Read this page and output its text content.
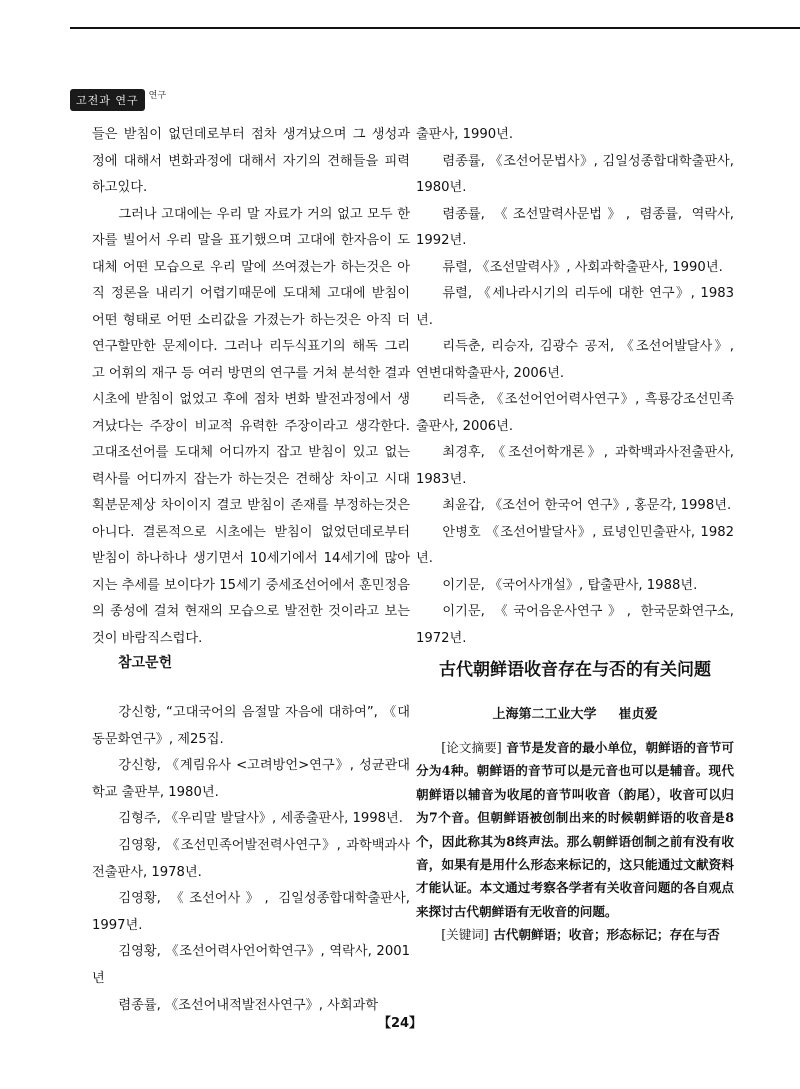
고전과 연구	연구

들은 받침이 없던데로부터 점차 생겨났으며 그 생성과정에 대해서 변화과정에 대해서 자기의 견해들을 피력하고있다.

그러나 고대에는 우리 말 자료가 거의 없고 모두 한자를 빌어서 우리 말을 표기했으며 고대에 한자음이 도대체 어떤 모습으로 우리 말에 쓰여졌는가 하는것은 아직 정론을 내리기 어렵기때문에 도대체 고대에 받침이 어떤 형태로 어떤 소리값을 가졌는가 하는것은 아직 더 연구할만한 문제이다. 그러나 리두식표기의 해독 그리고 어휘의 재구 등 여러 방면의 연구를 거쳐 분석한 결과 시초에 받침이 없었고 후에 점차 변화 발전과정에서 생겨났다는 주장이 비교적 유력한 주장이라고 생각한다. 고대조선어를 도대체 어디까지 잡고 받침이 있고 없는 력사를 어디까지 잡는가 하는것은 견해상 차이고 시대 획분문제상 차이이지 결코 받침이 존재를 부정하는것은 아니다. 결론적으로 시초에는 받침이 없었던데로부터 받침이 하나하나 생기면서 10세기에서 14세기에 많아지는 추세를 보이다가 15세기 중세조선어에서 훈민정음의 종성에 걸쳐 현재의 모습으로 발전한 것이라고 보는것이 바람직스럽다.

출판사, 1990년.

렴종률, 《조선어문법사》, 김일성종합대학출판사, 1980년.

렴종률, 《조선말력사문법》, 렴종률, 역락사, 1992년.

류렬, 《조선말력사》, 사회과학출판사, 1990년.

류렬, 《세나라시기의 리두에 대한 연구》, 1983년.

리득춘, 리승자, 김광수 공저, 《조선어발달사》, 연변대학출판사, 2006년.

리득춘, 《조선어언어력사연구》, 흑룡강조선민족출판사, 2006년.

최경후, 《조선어학개론》, 과학백과사전출판사, 1983년.

최윤갑, 《조선어 한국어 연구》, 홍문각, 1998년.

안병호 《조선어발달사》, 료녕인민출판사, 1982년.

이기문, 《국어사개설》, 탑출판사, 1988년.

이기문, 《국어음운사연구》, 한국문화연구소, 1972년.

참고문헌

강신항, “고대국어의 음절말 자음에 대하여”, 《대동문화연구》, 제25집.

강신항, 《계림유사 <고려방언>연구》, 성균관대학교 출판부, 1980년.

김형주, 《우리말 발달사》, 세종출판사, 1998년.

김영황, 《조선민족어발전력사연구》, 과학백과사전출판사, 1978년.

김영황, 《조선어사》, 김일성종합대학출판사, 1997년.

김영황, 《조선어력사언어학연구》, 역락사, 2001년

렴종률, 《조선어내적발전사연구》, 사회과학

古代朝鲜语收音存在与否的有关问题
上海第二工业大学 崔贞爱

[论文摘要] 音节是发音的最小单位，朝鲜语的音节可分为4种。朝鲜语的音节可以是元音也可以是辅音。现代朝鲜语以辅音为收尾的音节叫收音（韵尾），收音可以归为7个音。但朝鲜语被创制出来的时候朝鲜语的收音是8个，因此称其为8终声法。那么朝鲜语创制之前有没有收音，如果有是用什么形态来标记的，这只能通过文献资料才能认证。本文通过考察各学者有关收音问题的各自观点来探讨古代朝鲜语有无收音的问题。

[关键词] 古代朝鲜语；收音；形态标记；存在与否

【24】
